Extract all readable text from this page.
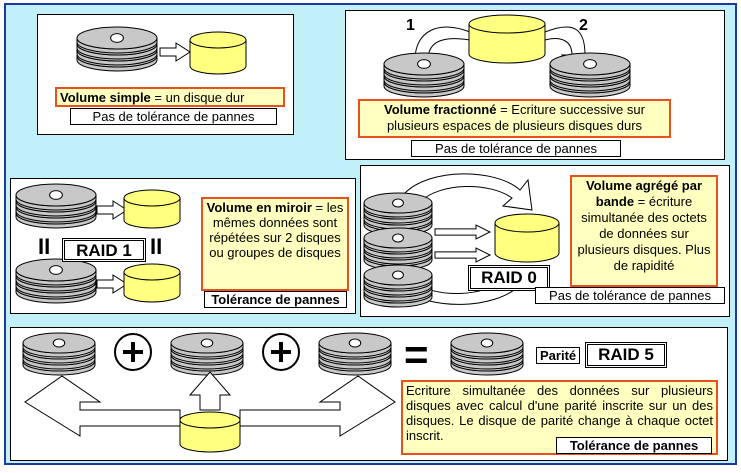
Volume simple = un disque dur
Pas de tolérance de pannes
1	2
Volume fractionné = Ecriture successive sur plusieurs espaces de plusieurs disques durs
Pas de tolérance de pannes
II	II
RAID 1
Volume en miroir = les mêmes données sont répétées sur 2 disques ou groupes de disques
Tolérance de pannes
Volume agrégé par bande = écriture simultanée des octets de données sur plusieurs disques. Plus de rapidité
RAID 0
Pas de tolérance de pannes
=	Parité	RAID 5
Ecriture simultanée des données sur plusieurs disques avec calcul d'une parité inscrite sur un des disques. Le disque de parité change à chaque octet inscrit.
Tolérance de pannes
